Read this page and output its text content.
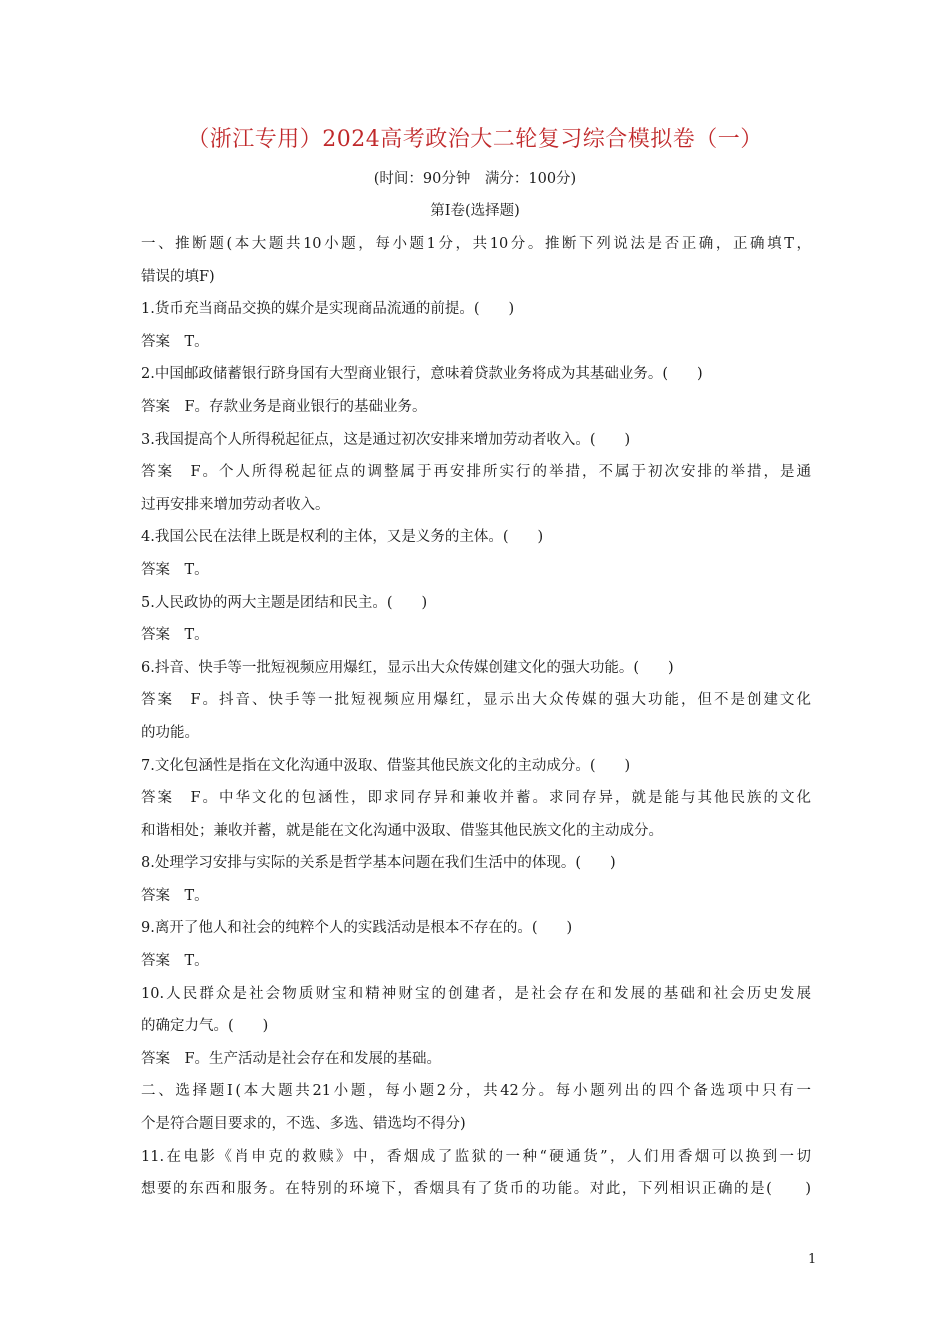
（浙江专用）2024高考政治大二轮复习综合模拟卷（一）
(时间：90分钟　满分：100分)
第Ⅰ卷(选择题)
一、推断题(本大题共10小题，每小题1分，共10分。推断下列说法是否正确，正确填T，
错误的填F)
1.货币充当商品交换的媒介是实现商品流通的前提。(　　)
答案　T。
2.中国邮政储蓄银行跻身国有大型商业银行，意味着贷款业务将成为其基础业务。(　　)
答案　F。存款业务是商业银行的基础业务。
3.我国提高个人所得税起征点，这是通过初次安排来增加劳动者收入。(　　)
答案　F。个人所得税起征点的调整属于再安排所实行的举措，不属于初次安排的举措，是通
过再安排来增加劳动者收入。
4.我国公民在法律上既是权利的主体，又是义务的主体。(　　)
答案　T。
5.人民政协的两大主题是团结和民主。(　　)
答案　T。
6.抖音、快手等一批短视频应用爆红，显示出大众传媒创建文化的强大功能。(　　)
答案　F。抖音、快手等一批短视频应用爆红，显示出大众传媒的强大功能，但不是创建文化
的功能。
7.文化包涵性是指在文化沟通中汲取、借鉴其他民族文化的主动成分。(　　)
答案　F。中华文化的包涵性，即求同存异和兼收并蓄。求同存异，就是能与其他民族的文化
和谐相处；兼收并蓄，就是能在文化沟通中汲取、借鉴其他民族文化的主动成分。
8.处理学习安排与实际的关系是哲学基本问题在我们生活中的体现。(　　)
答案　T。
9.离开了他人和社会的纯粹个人的实践活动是根本不存在的。(　　)
答案　T。
10.人民群众是社会物质财宝和精神财宝的创建者，是社会存在和发展的基础和社会历史发展
的确定力气。(　　)
答案　F。生产活动是社会存在和发展的基础。
二、选择题Ⅰ(本大题共21小题，每小题2分，共42分。每小题列出的四个备选项中只有一
个是符合题目要求的，不选、多选、错选均不得分)
11.在电影《肖申克的救赎》中，香烟成了监狱的一种“硬通货”，人们用香烟可以换到一切
想要的东西和服务。在特别的环境下，香烟具有了货币的功能。对此，下列相识正确的是(　　)
1
